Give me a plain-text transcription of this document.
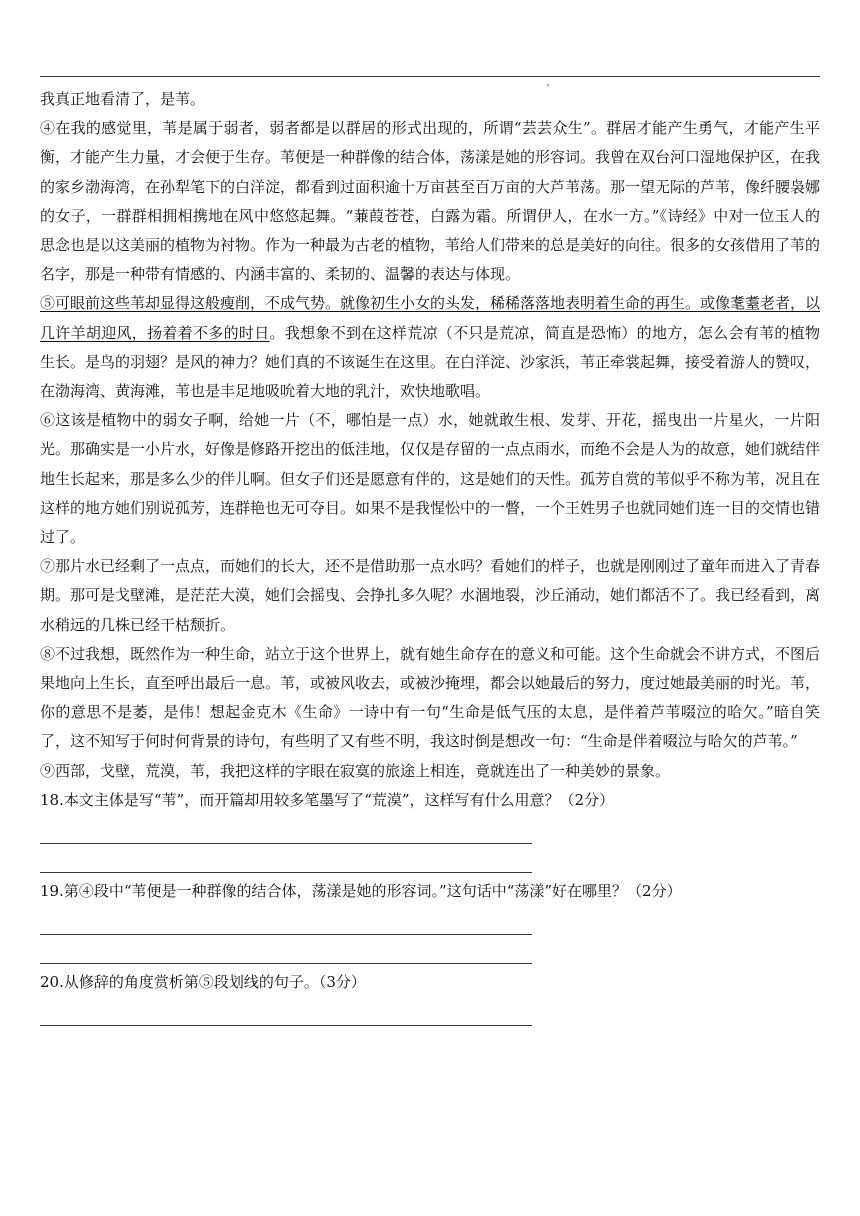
"

我真正地看清了，是苇。

④在我的感觉里，苇是属于弱者，弱者都是以群居的形式出现的，所谓“芸芸众生”。群居才能产生勇气，才能产生平衡，才能产生力量，才会便于生存。苇便是一种群像的结合体，荡漾是她的形容词。我曾在双台河口湿地保护区，在我的家乡渤海湾，在孙犁笔下的白洋淀，都看到过面积逾十万亩甚至百万亩的大芦苇荡。那一望无际的芦苇，像纤腰袅娜的女子，一群群相拥相携地在风中悠悠起舞。“蒹葭苍苍，白露为霜。所谓伊人，在水一方。”《诗经》中对一位玉人的思念也是以这美丽的植物为衬物。作为一种最为古老的植物，苇给人们带来的总是美好的向往。很多的女孩借用了苇的名字，那是一种带有情感的、内涵丰富的、柔韧的、温馨的表达与体现。

⑤可眼前这些苇却显得这般瘦削，不成气势。就像初生小女的头发，稀稀落落地表明着生命的再生。或像耄耋老者，以几许羊胡迎风，扬着着不多的时日。我想象不到在这样荒凉（不只是荒凉，简直是恐怖）的地方，怎么会有苇的植物生长。是鸟的羽翅？是风的神力？她们真的不该诞生在这里。在白洋淀、沙家浜，苇正牵裳起舞，接受着游人的赞叹，在渤海湾、黄海滩，苇也是丰足地吸吮着大地的乳汁，欢快地歌唱。

⑥这该是植物中的弱女子啊，给她一片（不，哪怕是一点）水，她就敢生根、发芽、开花，摇曳出一片星火，一片阳光。那确实是一小片水，好像是修路开挖出的低洼地，仅仅是存留的一点点雨水，而绝不会是人为的故意，她们就结伴地生长起来，那是多么少的伴儿啊。但女子们还是愿意有伴的，这是她们的天性。孤芳自赏的苇似乎不称为苇，况且在这样的地方她们别说孤芳，连群艳也无可夺目。如果不是我惺忪中的一瞥，一个王姓男子也就同她们连一目的交情也错过了。

⑦那片水已经剩了一点点，而她们的长大，还不是借助那一点水吗？看她们的样子，也就是刚刚过了童年而进入了青春期。那可是戈壁滩，是茫茫大漠，她们会摇曳、会挣扎多久呢？水涸地裂，沙丘涌动，她们都活不了。我已经看到，离水稍远的几株已经干枯颓折。

⑧不过我想，既然作为一种生命，站立于这个世界上，就有她生命存在的意义和可能。这个生命就会不讲方式，不图后果地向上生长，直至呼出最后一息。苇，或被风收去，或被沙掩埋，都会以她最后的努力，度过她最美丽的时光。苇，你的意思不是萎，是伟！想起金克木《生命》一诗中有一句“生命是低气压的太息，是伴着芦苇啜泣的哈欠。”暗自笑了，这不知写于何时何背景的诗句，有些明了又有些不明，我这时倒是想改一句：“生命是伴着啜泣与哈欠的芦苇。”

⑨西部，戈壁，荒漠，苇，我把这样的字眼在寂寞的旅途上相连，竟就连出了一种美妙的景象。

18.本文主体是写“苇”，而开篇却用较多笔墨写了“荒漠”，这样写有什么用意？（2分）

19.第④段中“苇便是一种群像的结合体，荡漾是她的形容词。”这句话中“荡漾”好在哪里？（2分）

20.从修辞的角度赏析第⑤段划线的句子。（3分）
